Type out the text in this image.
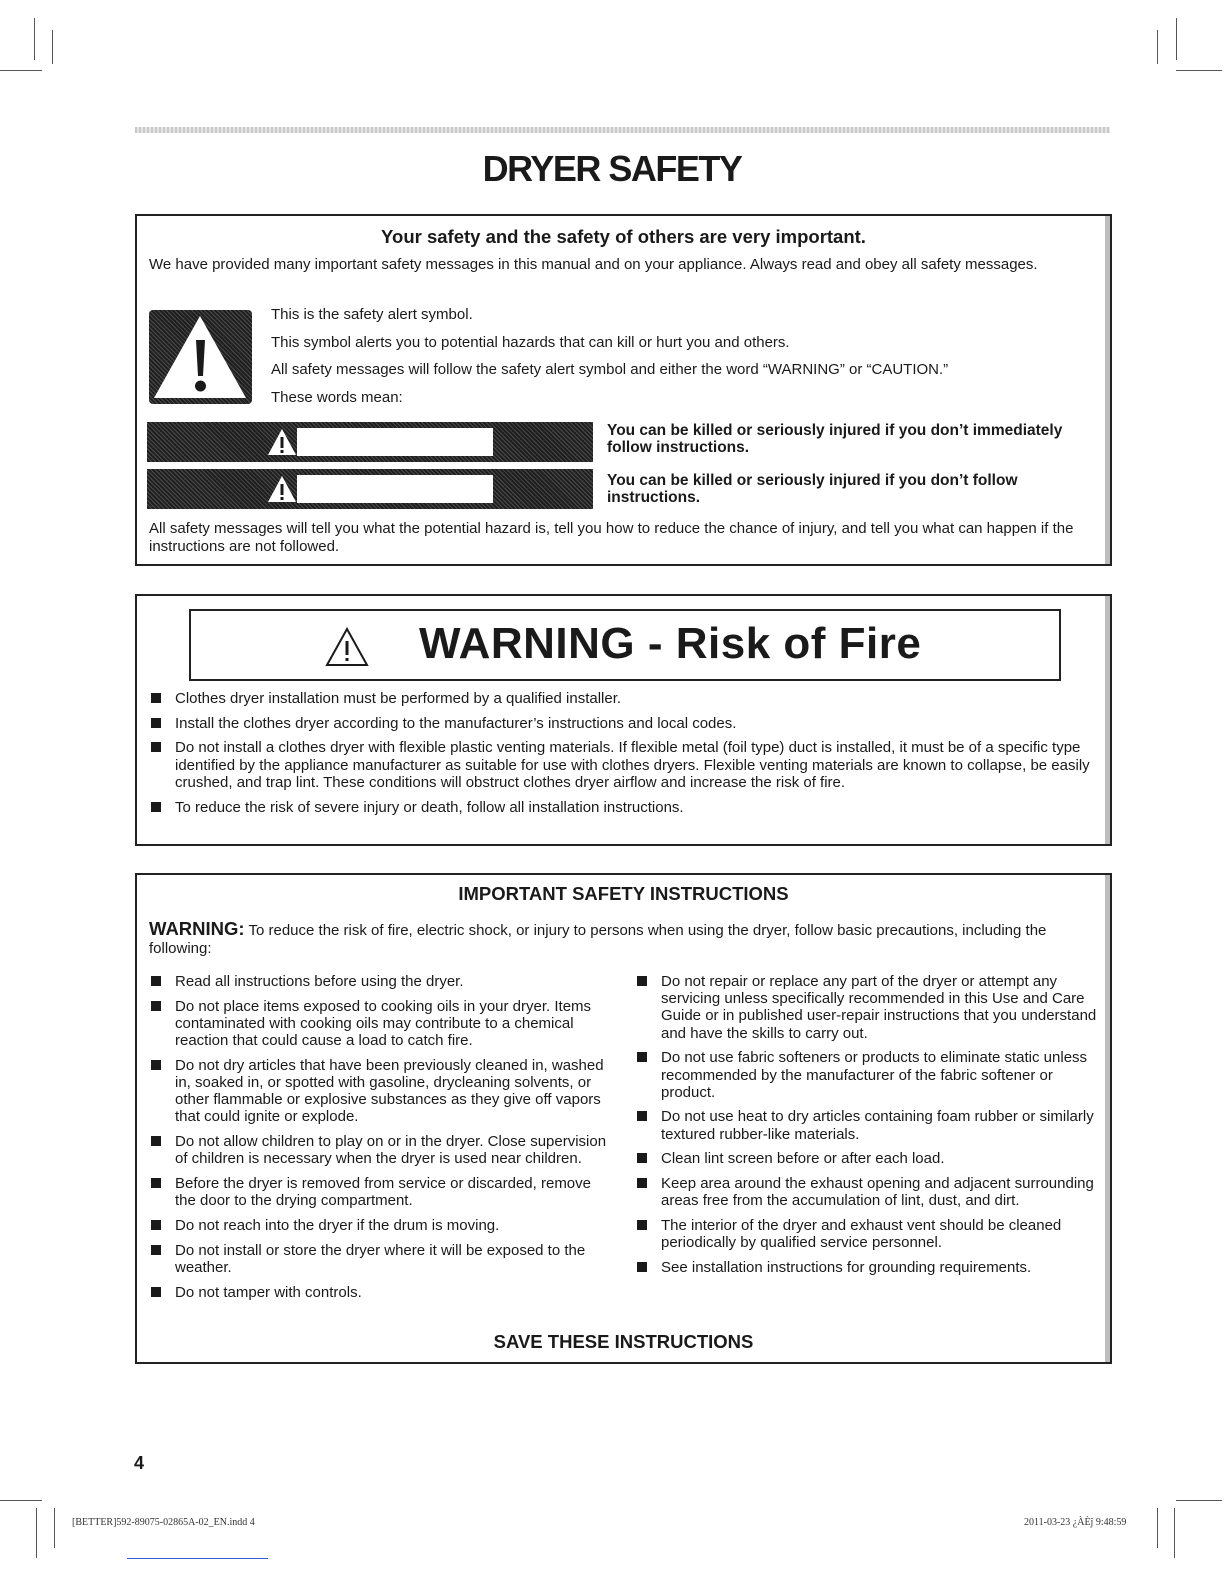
DRYER SAFETY
Your safety and the safety of others are very important.
We have provided many important safety messages in this manual and on your appliance. Always read and obey all safety messages.
This is the safety alert symbol.
This symbol alerts you to potential hazards that can kill or hurt you and others.
All safety messages will follow the safety alert symbol and either the word “WARNING” or “CAUTION.”
These words mean:
You can be killed or seriously injured if you don’t immediately follow instructions.
You can be killed or seriously injured if you don’t follow instructions.
All safety messages will tell you what the potential hazard is, tell you how to reduce the chance of injury, and tell you what can happen if the instructions are not followed.
WARNING - Risk of Fire
Clothes dryer installation must be performed by a qualified installer.
Install the clothes dryer according to the manufacturer’s instructions and local codes.
Do not install a clothes dryer with flexible plastic venting materials. If flexible metal (foil type) duct is installed, it must be of a specific type identified by the appliance manufacturer as suitable for use with clothes dryers. Flexible venting materials are known to collapse, be easily crushed, and trap lint. These conditions will obstruct clothes dryer airflow and increase the risk of fire.
To reduce the risk of severe injury or death, follow all installation instructions.
IMPORTANT SAFETY INSTRUCTIONS
WARNING: To reduce the risk of fire, electric shock, or injury to persons when using the dryer, follow basic precautions, including the following:
Read all instructions before using the dryer.
Do not place items exposed to cooking oils in your dryer. Items contaminated with cooking oils may contribute to a chemical reaction that could cause a load to catch fire.
Do not dry articles that have been previously cleaned in, washed in, soaked in, or spotted with gasoline, drycleaning solvents, or other flammable or explosive substances as they give off vapors that could ignite or explode.
Do not allow children to play on or in the dryer. Close supervision of children is necessary when the dryer is used near children.
Before the dryer is removed from service or discarded, remove the door to the drying compartment.
Do not reach into the dryer if the drum is moving.
Do not install or store the dryer where it will be exposed to the weather.
Do not tamper with controls.
Do not repair or replace any part of the dryer or attempt any servicing unless specifically recommended in this Use and Care Guide or in published user-repair instructions that you understand and have the skills to carry out.
Do not use fabric softeners or products to eliminate static unless recommended by the manufacturer of the fabric softener or product.
Do not use heat to dry articles containing foam rubber or similarly textured rubber-like materials.
Clean lint screen before or after each load.
Keep area around the exhaust opening and adjacent surrounding areas free from the accumulation of lint, dust, and dirt.
The interior of the dryer and exhaust vent should be cleaned periodically by qualified service personnel.
See installation instructions for grounding requirements.
SAVE THESE INSTRUCTIONS
4
[BETTER]592-89075-02865A-02_EN.indd 4	2011-03-23 ¿ÀÈĵ 9:48:59
